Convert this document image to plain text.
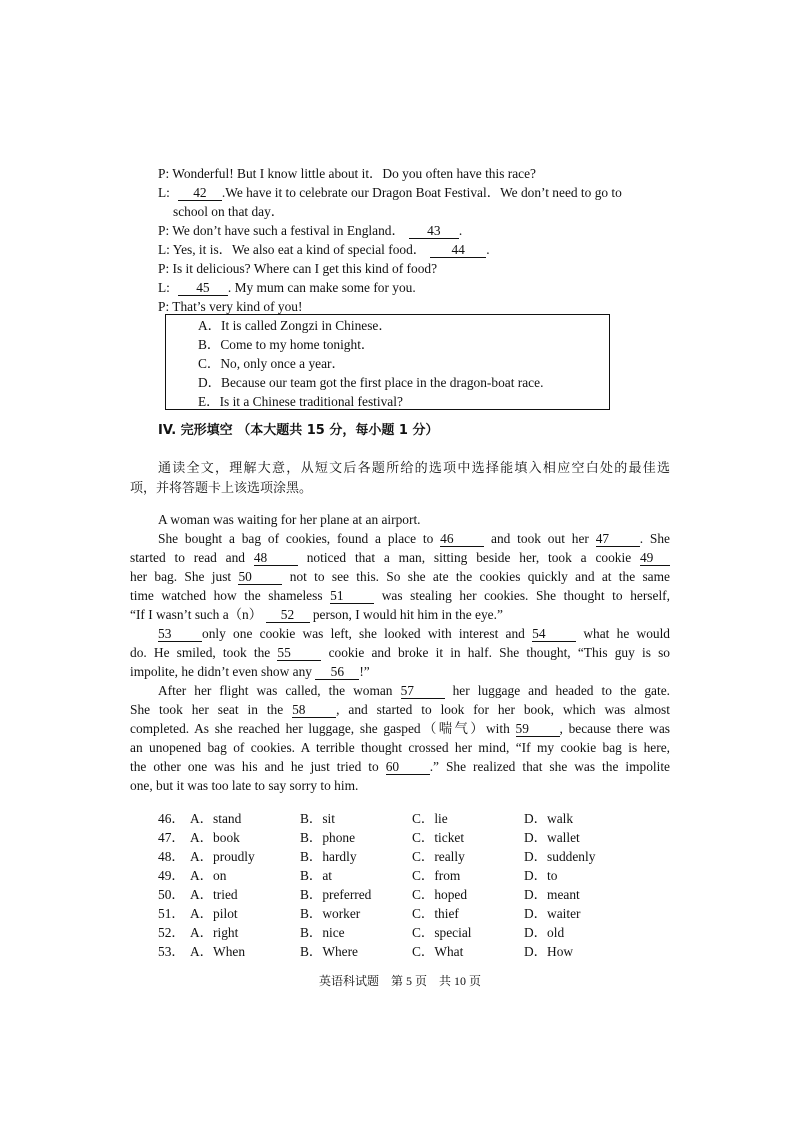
P: Wonderful! But I know little about it．Do you often have this race?
L: 42 .We have it to celebrate our Dragon Boat Festival．We don’t need to go to
school on that day．
P: We don’t have such a festival in England． 43 .
L: Yes, it is．We also eat a kind of special food． 44 .
P: Is it delicious? Where can I get this kind of food?
L: 45 . My mum can make some for you.
P: That’s very kind of you!
A．It is called Zongzi in Chinese．
B．Come to my home tonight．
C．No, only once a year．
D．Because our team got the first place in the dragon-boat race.
E．Is it a Chinese traditional festival?
IV. 完形填空 （本大题共 15 分，每小题 1 分）
通读全文，理解大意，从短文后各题所给的选项中选择能填入相应空白处的最佳选
项，并将答题卡上该选项涂黑。
A woman was waiting for her plane at an airport.
She bought a bag of cookies, found a place to 46	and took out her 47 . She
started to read and 48	noticed that a man, sitting beside her, took a cookie 49
her bag. She just 50	not to see this. So she ate the cookies quickly and at the same
time watched how the shameless 51	was stealing her cookies. She thought to herself,
“If I wasn’t such a（n） 52 person, I would hit him in the eye.”
53 only one cookie was left, she looked with interest and 54	what he would
do. He smiled, took the 55	cookie and broke it in half. She thought, “This guy is so
impolite, he didn’t even show any 56 !”
After her flight was called, the woman 57	her luggage and headed to the gate.
She took her seat in the 58 , and started to look for her book, which was almost
completed. As she reached her luggage, she gasped（喘气）with 59 , because there was
an unopened bag of cookies. A terrible thought crossed her mind, “If my cookie bag is here,
the other one was his and he just tried to 60 .” She realized that she was the impolite
one, but it was too late to say sorry to him.
46． A．stand	B．sit	C．lie	D．walk
47． A．book	B．phone	C．ticket	D．wallet
48． A．proudly	B．hardly	C．really	D．suddenly
49． A．on	B．at	C．from	D．to
50． A．tried	B．preferred	C．hoped	D．meant
51． A．pilot	B．worker	C．thief	D．waiter
52． A．right	B．nice	C．special	D．old
53． A．When	B．Where	C．What	D．How
英语科试题　第 5 页　共 10 页
